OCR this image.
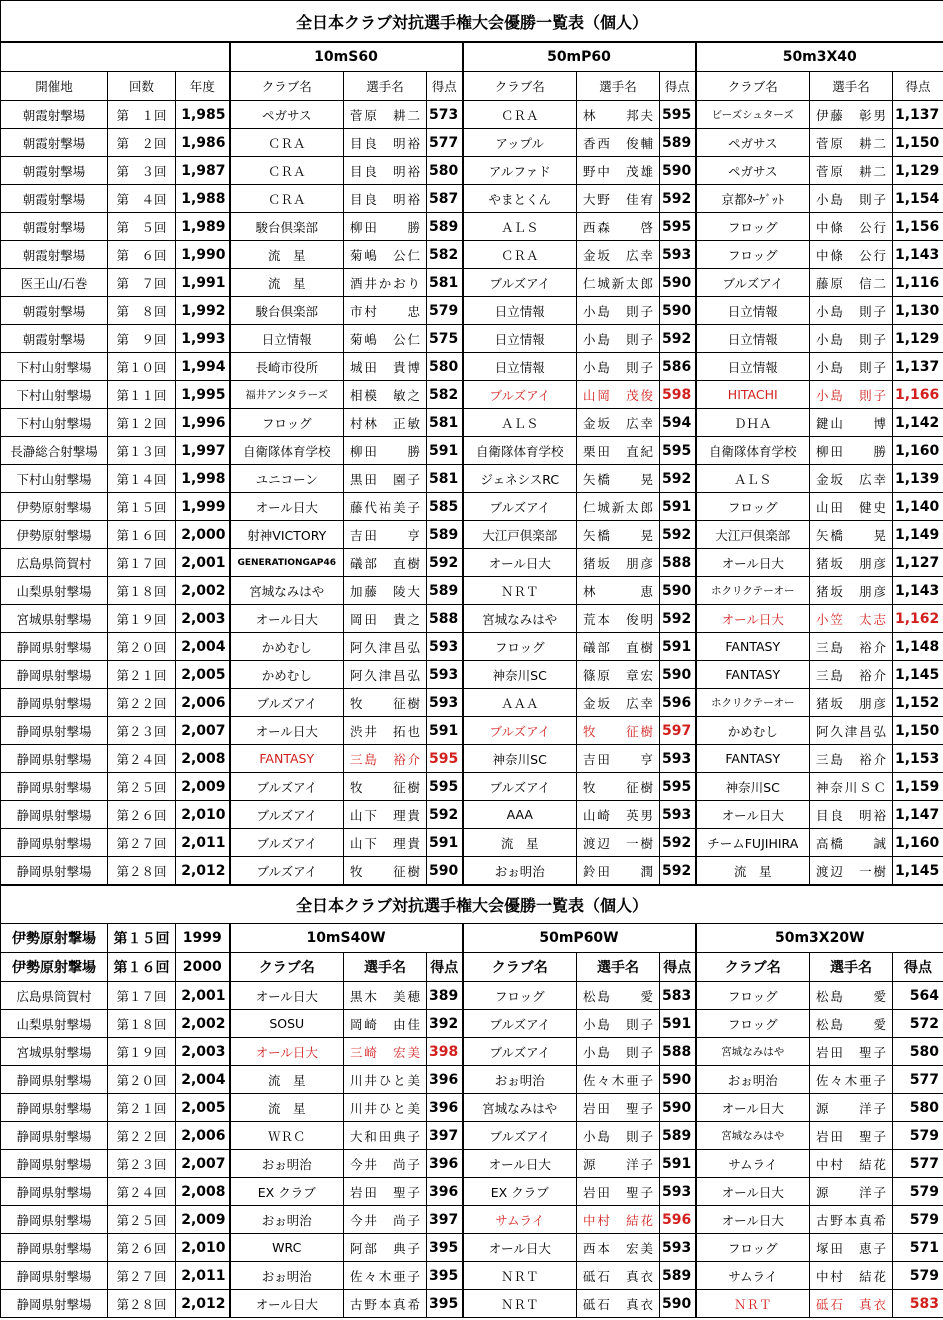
全日本クラブ対抗選手権大会優勝一覧表（個人）											
			10mS60			50mP60			50m3X40		
開催地	回数	年度	クラブ名	選手名	得点	クラブ名	選手名	得点	クラブ名	選手名	得点
朝霞射撃場	第　１回	1,985	ペガサス	菅原　耕二	573	ＣＲＡ	林　　邦夫	595	ビーズシュターズ	伊藤　彰男	1,137
朝霞射撃場	第　２回	1,986	ＣＲＡ	目良　明裕	577	アップル	香西　俊輔	589	ペガサス	菅原　耕二	1,150
朝霞射撃場	第　３回	1,987	ＣＲＡ	目良　明裕	580	アルファド	野中　茂雄	590	ペガサス	菅原　耕二	1,129
朝霞射撃場	第　４回	1,988	ＣＲＡ	目良　明裕	587	やまとくん	大野　佳宥	592	京都ﾀｰｹﾞｯﾄ	小島　則子	1,154
朝霞射撃場	第　５回	1,989	駿台倶楽部	柳田　　勝	589	ＡＬＳ	西森　　啓	595	フロッグ	中條　公行	1,156
朝霞射撃場	第　６回	1,990	流　星	菊嶋　公仁	582	ＣＲＡ	金坂　広幸	593	フロッグ	中條　公行	1,143
医王山/石巻	第　７回	1,991	流　星	酒井かおり	581	ブルズアイ	仁城新太郎	590	ブルズアイ	藤原　信二	1,116
朝霞射撃場	第　８回	1,992	駿台倶楽部	市村　　忠	579	日立情報	小島　則子	590	日立情報	小島　則子	1,130
朝霞射撃場	第　９回	1,993	日立情報	菊嶋　公仁	575	日立情報	小島　則子	592	日立情報	小島　則子	1,129
下村山射撃場	第１０回	1,994	長崎市役所	城田　貴博	580	日立情報	小島　則子	586	日立情報	小島　則子	1,137
下村山射撃場	第１１回	1,995	福井アンタラーズ	相模　敏之	582	ブルズアイ	山岡　茂俊	598	HITACHI	小島　則子	1,166
下村山射撃場	第１２回	1,996	フロッグ	村林　正敏	581	ＡＬＳ	金坂　広幸	594	ＤＨＡ	鍵山　　博	1,142
長瀞総合射撃場	第１３回	1,997	自衛隊体育学校	柳田　　勝	591	自衛隊体育学校	栗田　直紀	595	自衛隊体育学校	柳田　　勝	1,160
下村山射撃場	第１４回	1,998	ユニコーン	黒田　園子	581	ジェネシスRC	矢橋　　晃	592	ＡＬＳ	金坂　広幸	1,139
伊勢原射撃場	第１５回	1,999	オール日大	藤代祐美子	585	ブルズアイ	仁城新太郎	591	フロッグ	山田　健史	1,140
伊勢原射撃場	第１６回	2,000	射神VICTORY	吉田　　亨	589	大江戸倶楽部	矢橋　　晃	592	大江戸倶楽部	矢橋　　晃	1,149
広島県筒賀村	第１７回	2,001	GENERATIONGAP46	礒部　直樹	592	オール日大	猪坂　朋彦	588	オール日大	猪坂　朋彦	1,127
山梨県射撃場	第１８回	2,002	宮城なみはや	加藤　陵大	589	ＮＲＴ	林　　　恵	590	ホクリクテーオー	猪坂　朋彦	1,143
宮城県射撃場	第１９回	2,003	オール日大	岡田　貴之	588	宮城なみはや	荒本　俊明	592	オール日大	小笠　太志	1,162
静岡県射撃場	第２０回	2,004	かめむし	阿久津昌弘	593	フロッグ	礒部　直樹	591	FANTASY	三島　裕介	1,148
静岡県射撃場	第２１回	2,005	かめむし	阿久津昌弘	593	神奈川SC	篠原　章宏	590	FANTASY	三島　裕介	1,145
静岡県射撃場	第２２回	2,006	ブルズアイ	牧　　征樹	593	ＡＡＡ	金坂　広幸	596	ホクリクテーオー	猪坂　朋彦	1,152
静岡県射撃場	第２３回	2,007	オール日大	渋井　拓也	591	ブルズアイ	牧　　征樹	597	かめむし	阿久津昌弘	1,150
静岡県射撃場	第２４回	2,008	FANTASY	三島　裕介	595	神奈川SC	吉田　　亨	593	FANTASY	三島　裕介	1,153
静岡県射撃場	第２５回	2,009	ブルズアイ	牧　　征樹	595	ブルズアイ	牧　　征樹	595	神奈川SC	神奈川ＳＣ	1,159
静岡県射撃場	第２６回	2,010	ブルズアイ	山下　理貴	592	AAA	山崎　英男	593	オール日大	目良　明裕	1,147
静岡県射撃場	第２７回	2,011	ブルズアイ	山下　理貴	591	流　星	渡辺　一樹	592	チームFUJIHIRA	高橋　　誠	1,160
静岡県射撃場	第２８回	2,012	ブルズアイ	牧　　征樹	590	おぉ明治	鈴田　　潤	592	流　星	渡辺　一樹	1,145
全日本クラブ対抗選手権大会優勝一覧表（個人）											
伊勢原射撃場	第１５回	1999	10mS40W			50mP60W			50m3X20W		
伊勢原射撃場	第１６回	2000	クラブ名	選手名	得点	クラブ名	選手名	得点	クラブ名	選手名	得点
広島県筒賀村	第１７回	2,001	オール日大	黒木　美穂	389	フロッグ	松島　　愛	583	フロッグ	松島　　愛	564
山梨県射撃場	第１８回	2,002	SOSU	岡崎　由佳	392	ブルズアイ	小島　則子	591	フロッグ	松島　　愛	572
宮城県射撃場	第１９回	2,003	オール日大	三崎　宏美	398	ブルズアイ	小島　則子	588	宮城なみはや	岩田　聖子	580
静岡県射撃場	第２０回	2,004	流　星	川井ひと美	396	おぉ明治	佐々木亜子	590	おぉ明治	佐々木亜子	577
静岡県射撃場	第２１回	2,005	流　星	川井ひと美	396	宮城なみはや	岩田　聖子	590	オール日大	源　　洋子	580
静岡県射撃場	第２２回	2,006	ＷＲＣ	大和田典子	397	ブルズアイ	小島　則子	589	宮城なみはや	岩田　聖子	579
静岡県射撃場	第２３回	2,007	おぉ明治	今井　尚子	396	オール日大	源　　洋子	591	サムライ	中村　結花	577
静岡県射撃場	第２４回	2,008	EX クラブ	岩田　聖子	396	EX クラブ	岩田　聖子	593	オール日大	源　　洋子	579
静岡県射撃場	第２５回	2,009	おぉ明治	今井　尚子	397	サムライ	中村　結花	596	オール日大	古野本真希	579
静岡県射撃場	第２６回	2,010	WRC	阿部　典子	395	オール日大	西本　宏美	593	フロッグ	塚田　恵子	571
静岡県射撃場	第２７回	2,011	おぉ明治	佐々木亜子	395	ＮＲＴ	砥石　真衣	589	サムライ	中村　結花	579
静岡県射撃場	第２８回	2,012	オール日大	古野本真希	395	ＮＲＴ	砥石　真衣	590	ＮＲＴ	砥石　真衣	583
